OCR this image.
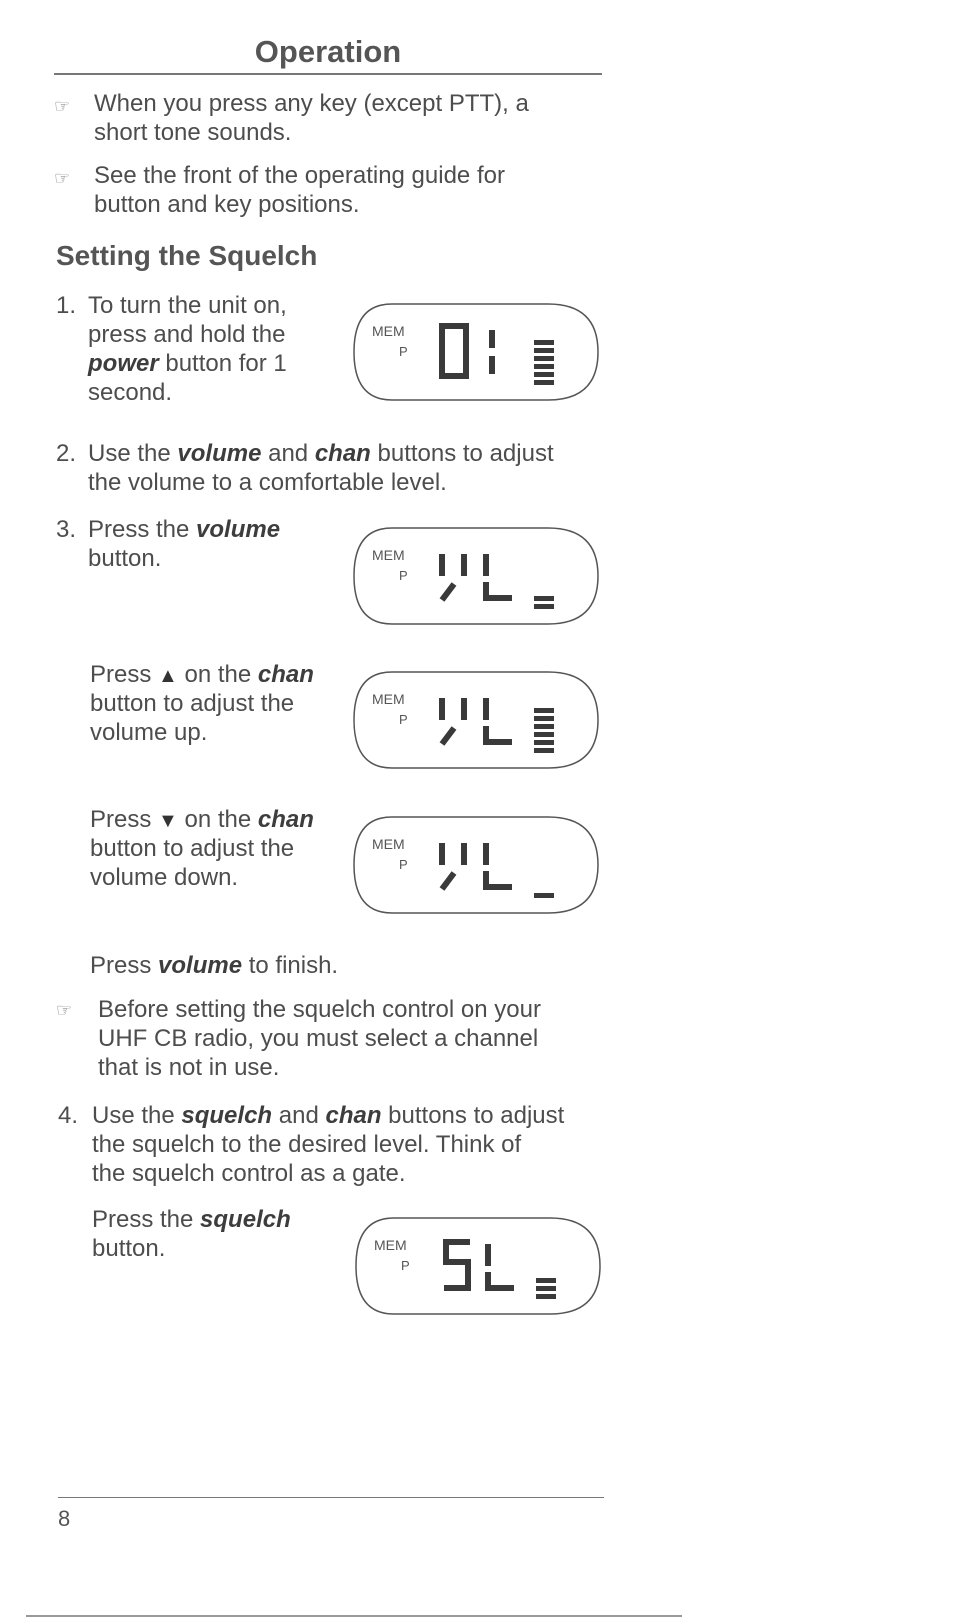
Operation
☞ When you press any key (except PTT), a
short tone sounds.
☞ See the front of the operating guide for
button and key positions.
Setting the Squelch
1. To turn the unit on,
press and hold the
power button for 1
second.
MEM
P
2. Use the volume and chan buttons to adjust
the volume to a comfortable level.
3. Press the volume
button.	MEM
P
Press ▲ on the chan
button to adjust the
volume up.
MEM
P
Press ▼ on the chan
button to adjust the
volume down.
MEM
P
Press volume to finish.
☞ Before setting the squelch control on your
UHF CB radio, you must select a channel
that is not in use.
4. Use the squelch and chan buttons to adjust
the squelch to the desired level. Think of
the squelch control as a gate.
Press the squelch
button.	MEM
P
8
